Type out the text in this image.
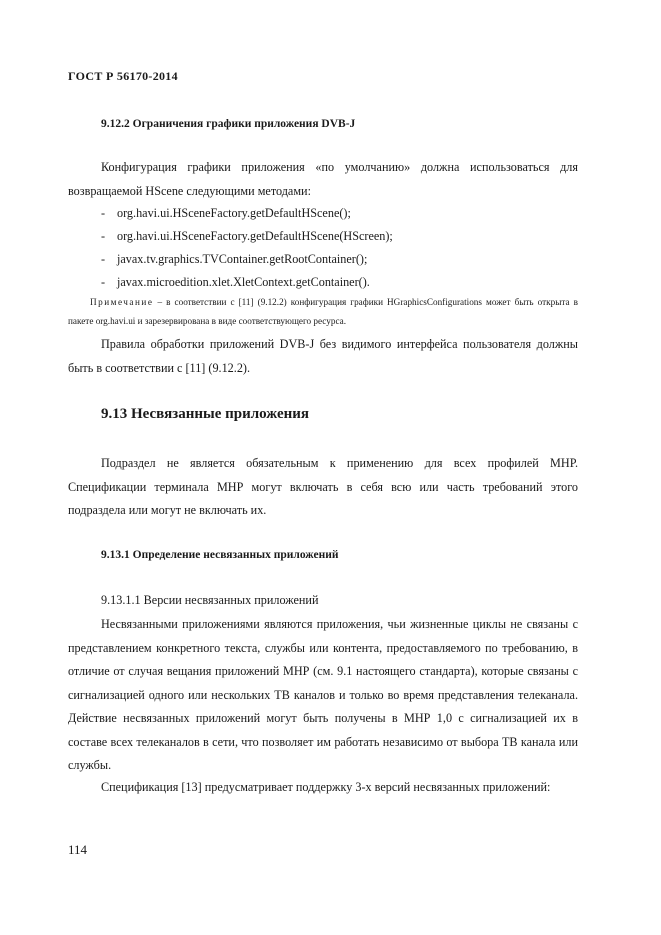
ГОСТ Р 56170-2014
9.12.2 Ограничения графики приложения DVB-J
Конфигурация графики приложения «по умолчанию» должна использоваться для возвращаемой HScene следующими методами:
- org.havi.ui.HSceneFactory.getDefaultHScene();
- org.havi.ui.HSceneFactory.getDefaultHScene(HScreen);
- javax.tv.graphics.TVContainer.getRootContainer();
- javax.microedition.xlet.XletContext.getContainer().
Примечание – в соответствии с [11] (9.12.2) конфигурация графики HGraphicsConfigurations может быть открыта в пакете org.havi.ui и зарезервирована в виде соответствующего ресурса.
Правила обработки приложений DVB-J без видимого интерфейса пользователя должны быть в соответствии с [11] (9.12.2).
9.13 Несвязанные приложения
Подраздел не является обязательным к применению для всех профилей МНР. Спецификации терминала МНР могут включать в себя всю или часть требований этого подраздела или могут не включать их.
9.13.1 Определение несвязанных приложений
9.13.1.1 Версии несвязанных приложений
Несвязанными приложениями являются приложения, чьи жизненные циклы не связаны с представлением конкретного текста, службы или контента, предоставляемого по требованию, в отличие от случая вещания приложений МНР (см. 9.1 настоящего стандарта), которые связаны с сигнализацией одного или нескольких ТВ каналов и только во время представления телеканала. Действие несвязанных приложений могут быть получены в МНР 1,0 с сигнализацией их в составе всех телеканалов в сети, что позволяет им работать независимо от выбора ТВ канала или службы.
Спецификация [13] предусматривает поддержку 3-х версий несвязанных приложений:
114
